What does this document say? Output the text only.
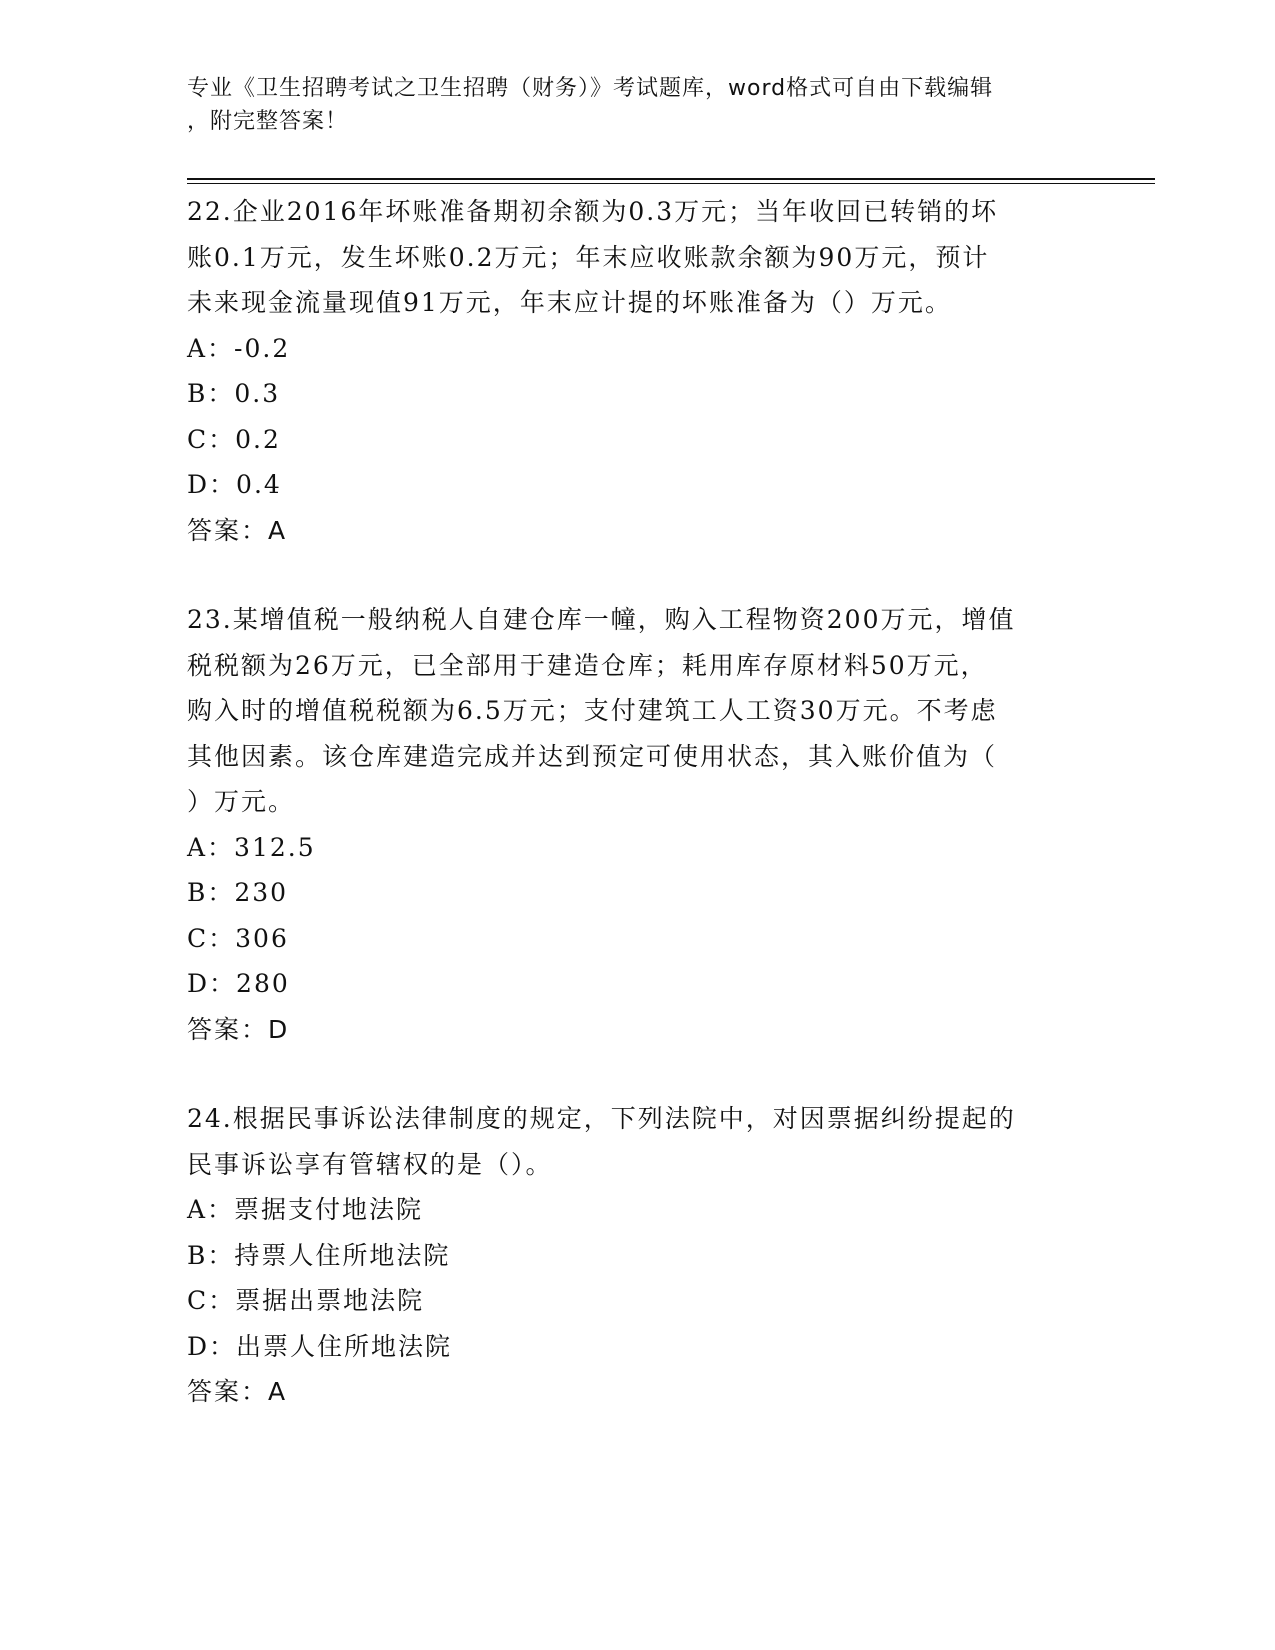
专业《卫生招聘考试之卫生招聘（财务）》考试题库，word格式可自由下载编辑
，附完整答案！
22.企业2016年坏账准备期初余额为0.3万元；当年收回已转销的坏
账0.1万元，发生坏账0.2万元；年末应收账款余额为90万元，预计
未来现金流量现值91万元，年末应计提的坏账准备为（）万元。
A：-0.2
B：0.3
C：0.2
D：0.4
答案：A
23.某增值税一般纳税人自建仓库一幢，购入工程物资200万元，增值
税税额为26万元，已全部用于建造仓库；耗用库存原材料50万元，
购入时的增值税税额为6.5万元；支付建筑工人工资30万元。不考虑
其他因素。该仓库建造完成并达到预定可使用状态，其入账价值为（
）万元。
A：312.5
B：230
C：306
D：280
答案：D
24.根据民事诉讼法律制度的规定，下列法院中，对因票据纠纷提起的
民事诉讼享有管辖权的是（）。
A：票据支付地法院
B：持票人住所地法院
C：票据出票地法院
D：出票人住所地法院
答案：A
